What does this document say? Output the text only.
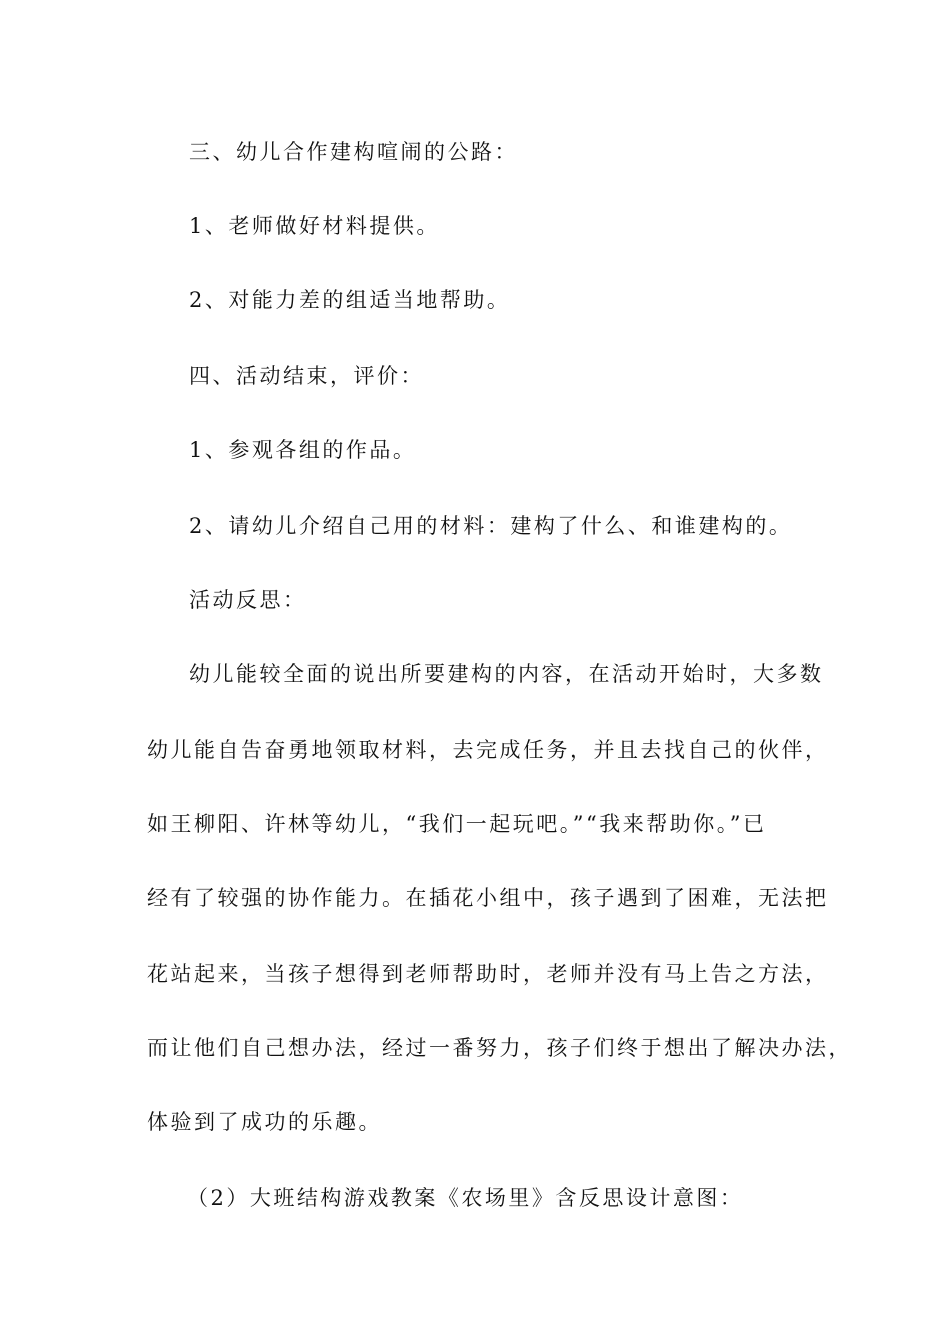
三、幼儿合作建构喧闹的公路：
1、老师做好材料提供。
2、对能力差的组适当地帮助。
四、活动结束，评价：
1、参观各组的作品。
2、请幼儿介绍自己用的材料：建构了什么、和谁建构的。
活动反思：
幼儿能较全面的说出所要建构的内容，在活动开始时，大多数
幼儿能自告奋勇地领取材料，去完成任务，并且去找自己的伙伴，
如王柳阳、许林等幼儿，“我们一起玩吧。”“我来帮助你。”已
经有了较强的协作能力。在插花小组中，孩子遇到了困难，无法把
花站起来，当孩子想得到老师帮助时，老师并没有马上告之方法，
而让他们自己想办法，经过一番努力，孩子们终于想出了解决办法，
体验到了成功的乐趣。
（2）大班结构游戏教案《农场里》含反思设计意图：
